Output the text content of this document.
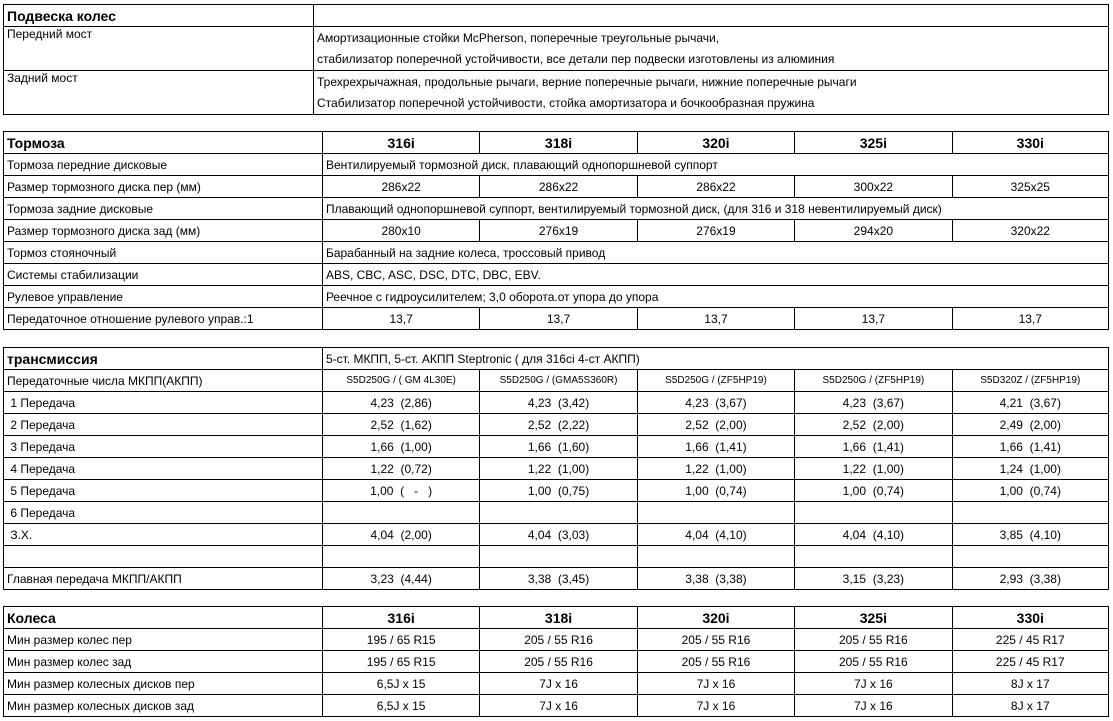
Подвеска колес	
Передний мост	Амортизационные стойки McPherson, поперечные треугольные рычачи,
	стабилизатор поперечной устойчивости, все детали пер подвески изготовлены из алюминия
Задний мост	Трехрехрычажная, продольные рычаги, верние поперечные рычаги, нижние поперечные рычаги
	Стабилизатор поперечной устойчивости, стойка амортизатора и бочкообразная пружина
Тормоза	316i	318i	320i	325i	330i
Тормоза передние дисковые	Вентилируемый тормозной диск, плавающий однопоршневой суппорт				
Размер тормозного диска пер (мм)	286x22	286x22	286x22	300x22	325x25
Тормоза задние дисковые	Плавающий однопоршневой суппорт, вентилируемый тормозной диск, (для 316 и 318 невентилируемый диск)				
Размер тормозного диска зад (мм)	280x10	276x19	276x19	294x20	320x22
Тормоз стояночный	Барабанный на задние колеса, троссовый привод				
Системы стабилизации	ABS, CBC, ASC, DSC, DTC, DBC, EBV.				
Рулевое управление	Реечное с гидроусилителем; 3,0 оборота.от упора до упора				
Передаточное отношение рулевого управ.:1	13,7	13,7	13,7	13,7	13,7
трансмиссия	5-ст. МКПП, 5-ст. АКПП Steptronic ( для 316ci 4-ст АКПП)				
Передаточные числа МКПП(АКПП)	S5D250G / ( GM 4L30E)	S5D250G / (GMA5S360R)	S5D250G / (ZF5HP19)	S5D250G / (ZF5HP19)	S5D320Z / (ZF5HP19)
1 Передача	4,23  (2,86)	4,23  (3,42)	4,23  (3,67)	4,23  (3,67)	4,21  (3,67)
2 Передача	2,52  (1,62)	2,52  (2,22)	2,52  (2,00)	2,52  (2,00)	2,49  (2,00)
3 Передача	1,66  (1,00)	1,66  (1,60)	1,66  (1,41)	1,66  (1,41)	1,66  (1,41)
4 Передача	1,22  (0,72)	1,22  (1,00)	1,22  (1,00)	1,22  (1,00)	1,24  (1,00)
5 Передача	1,00  (   -   )	1,00  (0,75)	1,00  (0,74)	1,00  (0,74)	1,00  (0,74)
6 Передача					
З.Х.	4,04  (2,00)	4,04  (3,03)	4,04  (4,10)	4,04  (4,10)	3,85  (4,10)

Главная передача МКПП/АКПП	3,23  (4,44)	3,38  (3,45)	3,38  (3,38)	3,15  (3,23)	2,93  (3,38)
Колеса	316i	318i	320i	325i	330i
Мин размер колес пер	195 / 65 R15	205 / 55 R16	205 / 55 R16	205 / 55 R16	225 / 45 R17
Мин размер колес зад	195 / 65 R15	205 / 55 R16	205 / 55 R16	205 / 55 R16	225 / 45 R17
Мин размер колесных дисков пер	6,5J x 15	7J x 16	7J x 16	7J x 16	8J x 17
Мин размер колесных дисков зад	6,5J x 15	7J x 16	7J x 16	7J x 16	8J x 17
